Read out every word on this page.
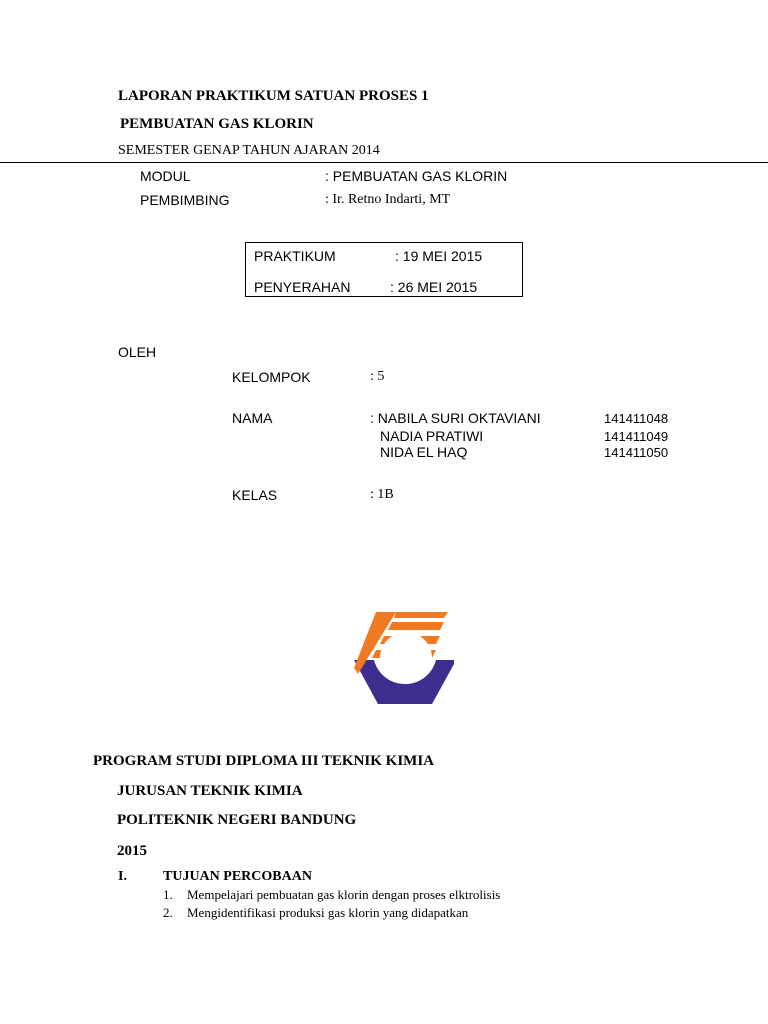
LAPORAN PRAKTIKUM SATUAN PROSES 1
PEMBUATAN GAS KLORIN
SEMESTER GENAP TAHUN AJARAN 2014
MODUL	: PEMBUATAN GAS KLORIN
PEMBIMBING	: Ir. Retno Indarti, MT
PRAKTIKUM	: 19 MEI 2015
PENYERAHAN	: 26 MEI 2015
OLEH
KELOMPOK	: 5
NAMA	: NABILA SURI OKTAVIANI	141411048
NADIA PRATIWI	141411049
NIDA EL HAQ	141411050
KELAS	: 1B
PROGRAM STUDI DIPLOMA III TEKNIK KIMIA
JURUSAN TEKNIK KIMIA
POLITEKNIK NEGERI BANDUNG
2015
I.	TUJUAN PERCOBAAN
1. Mempelajari pembuatan gas klorin dengan proses elktrolisis
2. Mengidentifikasi produksi gas klorin yang didapatkan
